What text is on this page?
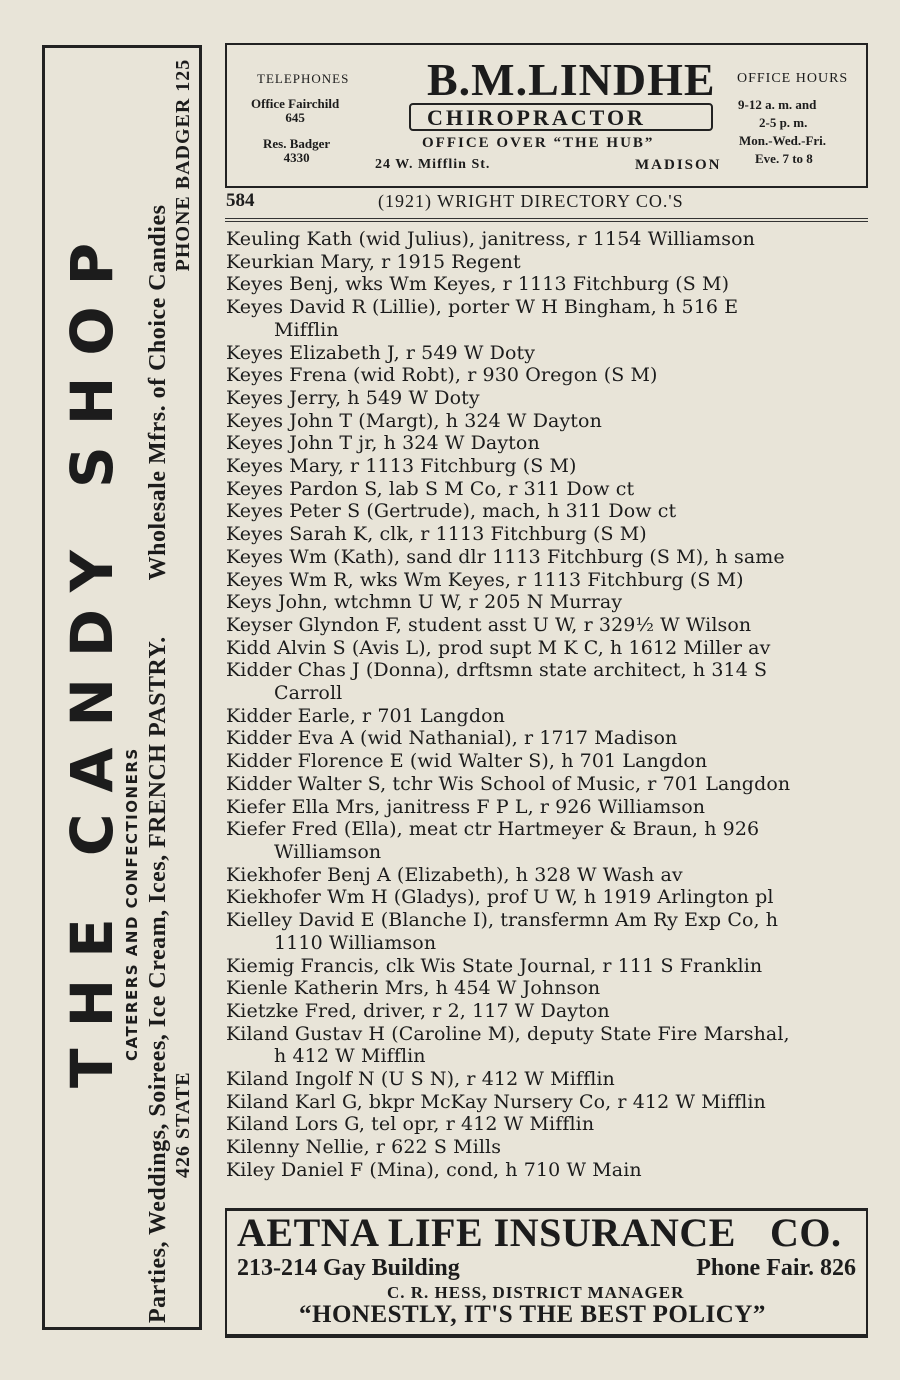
THE CANDY SHOP
CATERERS AND CONFECTIONERS Parties, Weddings, Soirees, Ice Cream, Ices, FRENCH PASTRY.Wholesale Mfrs. of Choice Candies
426 STATEPHONE BADGER 125	TELEPHONES
Office Fairchild
645
Res. Badger
4330
B.M.LINDHE
CHIROPRACTOR
OFFICE OVER “THE HUB”
24 W. Mifflin St.	MADISON
OFFICE HOURS
9-12 a. m. and
2-5 p. m.
Mon.-Wed.-Fri.
Eve. 7 to 8
584	(1921) WRIGHT DIRECTORY CO.'S
Keuling Kath (wid Julius), janitress, r 1154 Williamson
Keurkian Mary, r 1915 Regent
Keyes Benj, wks Wm Keyes, r 1113 Fitchburg (S M)
Keyes David R (Lillie), porter W H Bingham, h 516 E
Mifflin
Keyes Elizabeth J, r 549 W Doty
Keyes Frena (wid Robt), r 930 Oregon (S M)
Keyes Jerry, h 549 W Doty
Keyes John T (Margt), h 324 W Dayton
Keyes John T jr, h 324 W Dayton
Keyes Mary, r 1113 Fitchburg (S M)
Keyes Pardon S, lab S M Co, r 311 Dow ct
Keyes Peter S (Gertrude), mach, h 311 Dow ct
Keyes Sarah K, clk, r 1113 Fitchburg (S M)
Keyes Wm (Kath), sand dlr 1113 Fitchburg (S M), h same
Keyes Wm R, wks Wm Keyes, r 1113 Fitchburg (S M)
Keys John, wtchmn U W, r 205 N Murray
Keyser Glyndon F, student asst U W, r 329½ W Wilson
Kidd Alvin S (Avis L), prod supt M K C, h 1612 Miller av
Kidder Chas J (Donna), drftsmn state architect, h 314 S
Carroll
Kidder Earle, r 701 Langdon
Kidder Eva A (wid Nathanial), r 1717 Madison
Kidder Florence E (wid Walter S), h 701 Langdon
Kidder Walter S, tchr Wis School of Music, r 701 Langdon
Kiefer Ella Mrs, janitress F P L, r 926 Williamson
Kiefer Fred (Ella), meat ctr Hartmeyer & Braun, h 926
Williamson
Kiekhofer Benj A (Elizabeth), h 328 W Wash av
Kiekhofer Wm H (Gladys), prof U W, h 1919 Arlington pl
Kielley David E (Blanche I), transfermn Am Ry Exp Co, h
1110 Williamson
Kiemig Francis, clk Wis State Journal, r 111 S Franklin
Kienle Katherin Mrs, h 454 W Johnson
Kietzke Fred, driver, r 2, 117 W Dayton
Kiland Gustav H (Caroline M), deputy State Fire Marshal,
h 412 W Mifflin
Kiland Ingolf N (U S N), r 412 W Mifflin
Kiland Karl G, bkpr McKay Nursery Co, r 412 W Mifflin
Kiland Lors G, tel opr, r 412 W Mifflin
Kilenny Nellie, r 622 S Mills
Kiley Daniel F (Mina), cond, h 710 W Main
AETNA LIFE INSURANCE CO.
213-214 Gay Building	Phone Fair. 826
C. R. HESS, DISTRICT MANAGER
“HONESTLY, IT'S THE BEST POLICY”
